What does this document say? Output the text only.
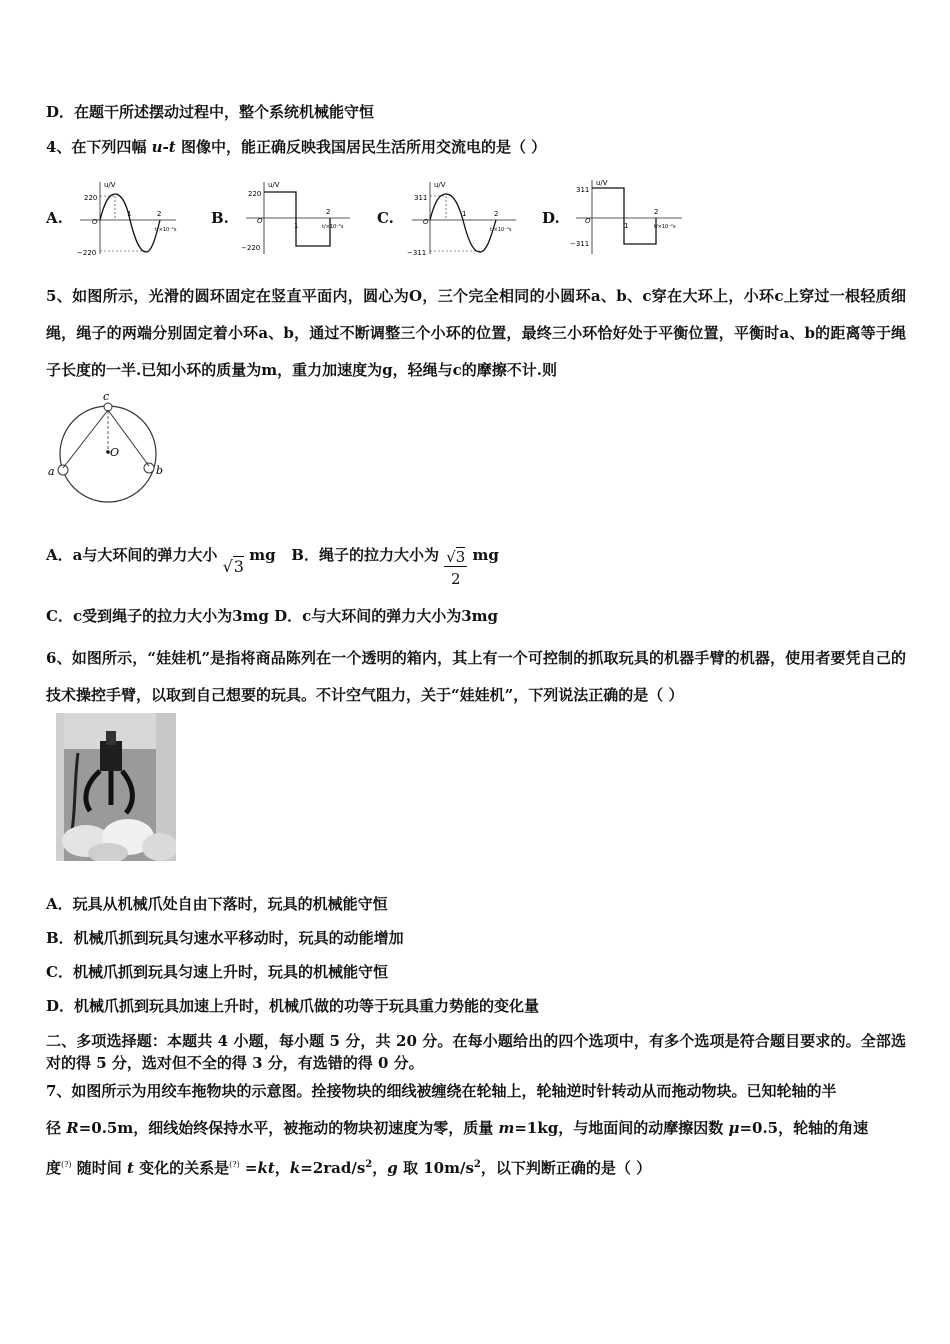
D．在题干所述摆动过程中，整个系统机械能守恒
4、在下列四幅 u-t 图像中，能正确反映我国居民生活所用交流电的是（ ）
A.
u/V
t/×10⁻²s
220
−220
O
1	2	B.
u/V
t/×10⁻²s
220
−220
O
1
2	C.
u/V
t/×10⁻²s
311
−311
O
1	2	D.
u/V
t/×10⁻²s
311
−311
O
1
2
5、如图所示，光滑的圆环固定在竖直平面内，圆心为O，三个完全相同的小圆环a、b、c穿在大环上，小环c上穿过一根轻质细绳，绳子的两端分别固定着小环a、b，通过不断调整三个小环的位置，最终三小环恰好处于平衡位置，平衡时a、b的距离等于绳子长度的一半.已知小环的质量为m，重力加速度为g，轻绳与c的摩擦不计.则
c
O
a	b
A．a与大环间的弹力大小 √3 mg B．绳子的拉力大小为 $\frac{√3}{2}$ mg
C．c受到绳子的拉力大小为3mg D．c与大环间的弹力大小为3mg
6、如图所示，“娃娃机”是指将商品陈列在一个透明的箱内，其上有一个可控制的抓取玩具的机器手臂的机器，使用者要凭自己的技术操控手臂，以取到自己想要的玩具。不计空气阻力，关于“娃娃机”，下列说法正确的是（ ）
A．玩具从机械爪处自由下落时，玩具的机械能守恒
B．机械爪抓到玩具匀速水平移动时，玩具的动能增加
C．机械爪抓到玩具匀速上升时，玩具的机械能守恒
D．机械爪抓到玩具加速上升时，机械爪做的功等于玩具重力势能的变化量
二、多项选择题：本题共 4 小题，每小题 5 分，共 20 分。在每小题给出的四个选项中，有多个选项是符合题目要求的。全部选对的得 5 分，选对但不全的得 3 分，有选错的得 0 分。
7、如图所示为用绞车拖物块的示意图。拴接物块的细线被缠绕在轮轴上，轮轴逆时针转动从而拖动物块。已知轮轴的半
径 R=0.5m，细线始终保持水平，被拖动的物块初速度为零，质量 m=1kg，与地面间的动摩擦因数 μ=0.5，轮轴的角速
度(?) 随时间 t 变化的关系是(?) =kt，$k=2rad/s^2$，g 取 $10m/s^2$，以下判断正确的是（ ）
